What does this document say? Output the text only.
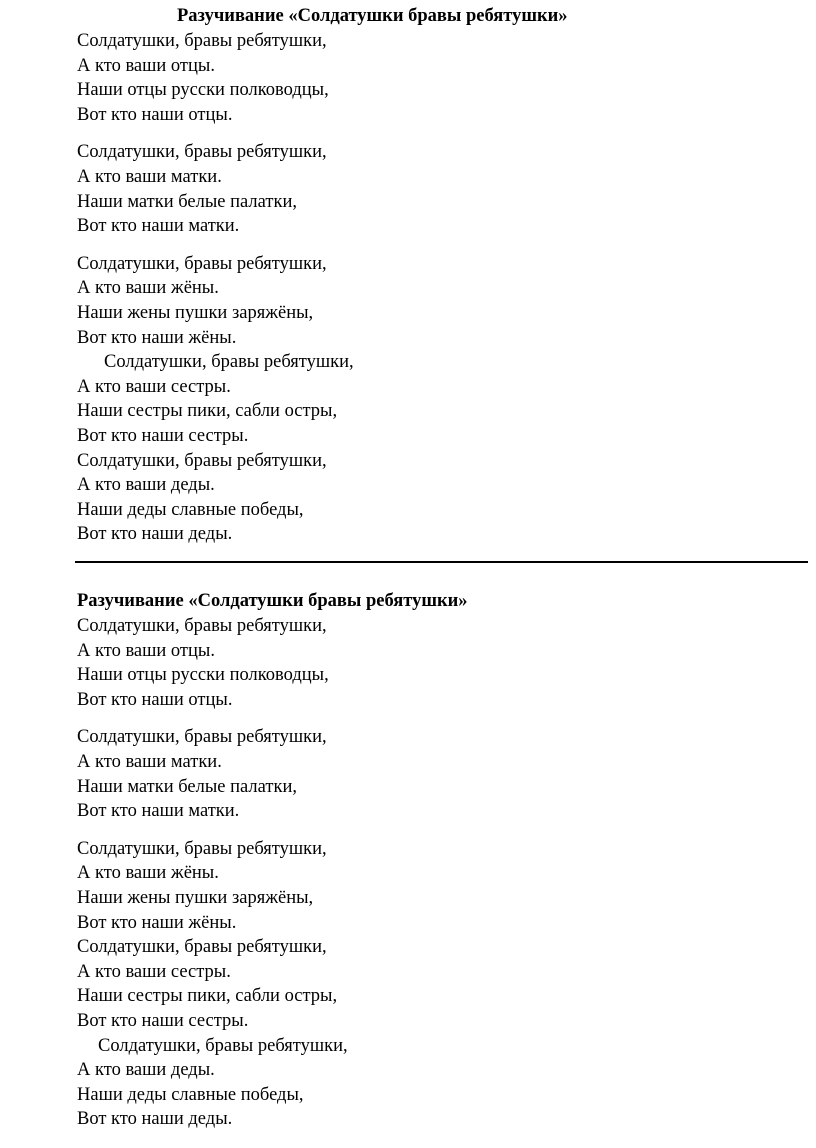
Разучивание «Солдатушки бравы ребятушки»
Солдатушки, бравы ребятушки,
А кто ваши отцы.
Наши отцы русски полководцы,
Вот кто наши отцы.
Солдатушки, бравы ребятушки,
А кто ваши матки.
Наши матки белые палатки,
Вот кто наши матки.
Солдатушки, бравы ребятушки,
А кто ваши жёны.
Наши жены пушки заряжёны,
Вот кто наши жёны.
Солдатушки, бравы ребятушки,
А кто ваши сестры.
Наши сестры пики, сабли остры,
Вот кто наши сестры.
Солдатушки, бравы ребятушки,
А кто ваши деды.
Наши деды славные победы,
Вот кто наши деды.
Разучивание «Солдатушки бравы ребятушки»
Солдатушки, бравы ребятушки,
А кто ваши отцы.
Наши отцы русски полководцы,
Вот кто наши отцы.
Солдатушки, бравы ребятушки,
А кто ваши матки.
Наши матки белые палатки,
Вот кто наши матки.
Солдатушки, бравы ребятушки,
А кто ваши жёны.
Наши жены пушки заряжёны,
Вот кто наши жёны.
Солдатушки, бравы ребятушки,
А кто ваши сестры.
Наши сестры пики, сабли остры,
Вот кто наши сестры.
Солдатушки, бравы ребятушки,
А кто ваши деды.
Наши деды славные победы,
Вот кто наши деды.
